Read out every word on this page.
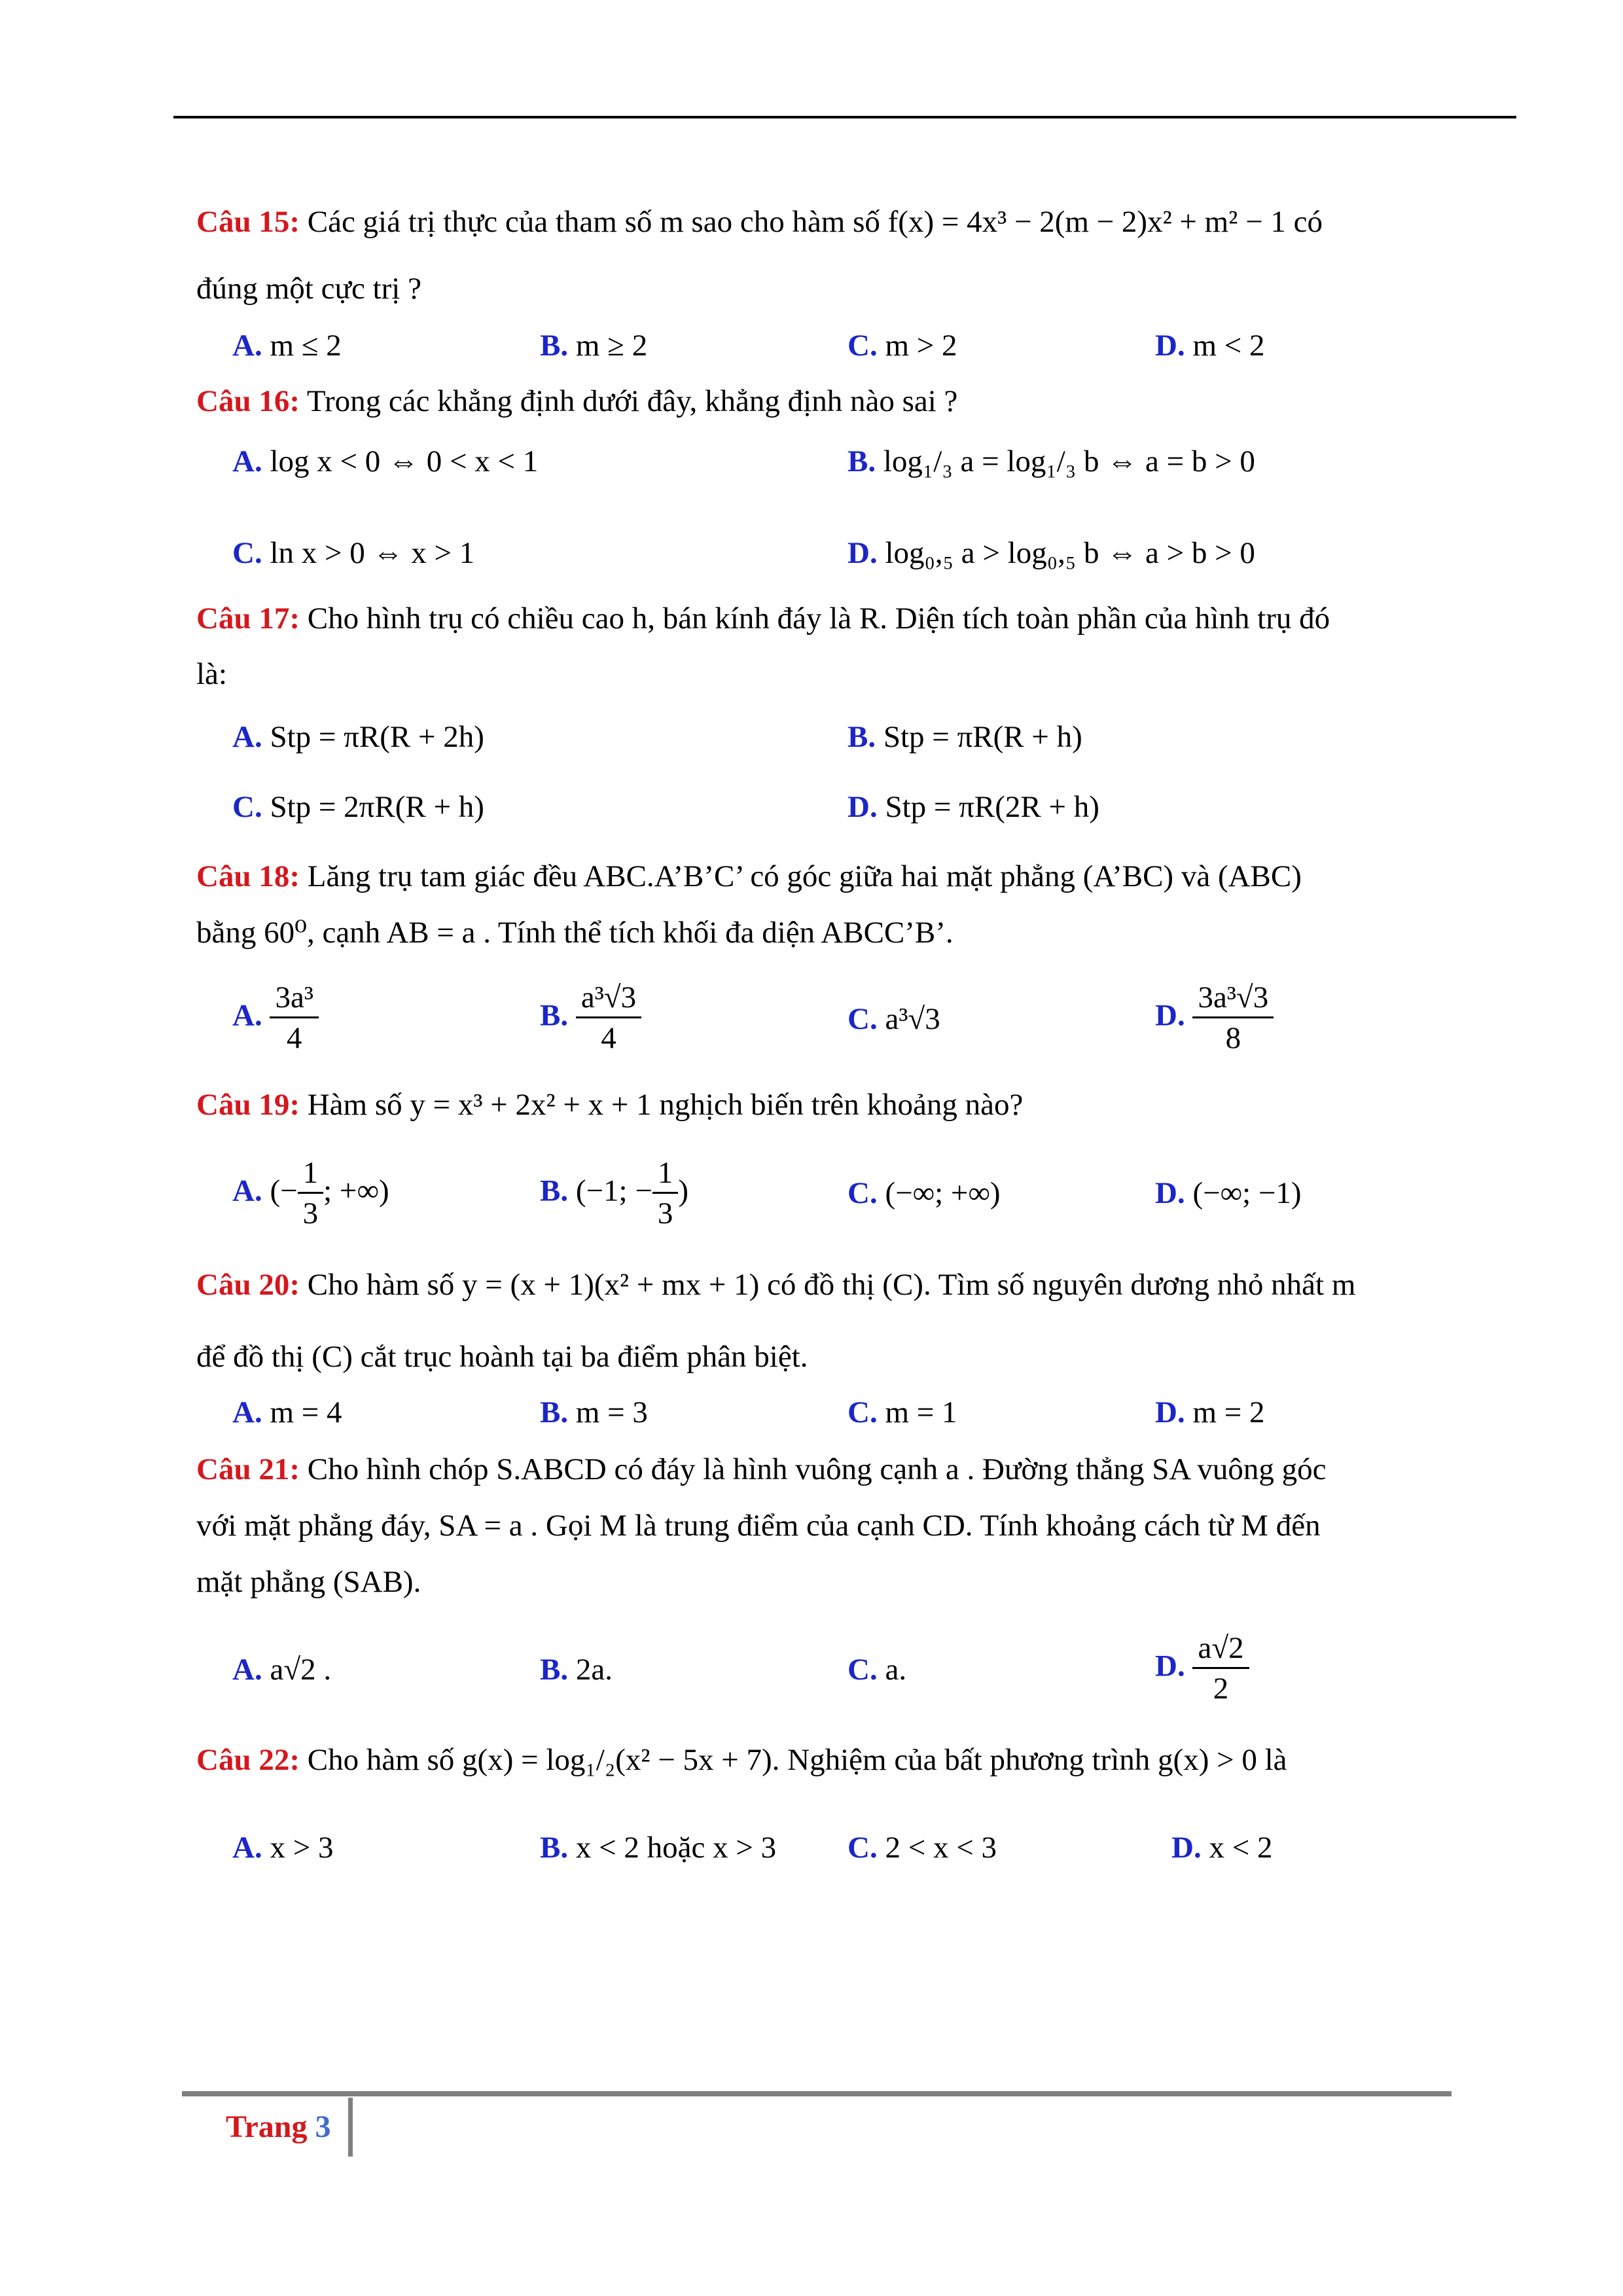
Câu 15: Các giá trị thực của tham số m sao cho hàm số f(x) = 4x³ − 2(m − 2)x² + m² − 1 có
đúng một cực trị ?
A. m ≤ 2	B. m ≥ 2	C. m > 2	D. m < 2
Câu 16: Trong các khẳng định dưới đây, khẳng định nào sai ?
A. log x < 0 ⇔ 0 < x < 1	B. log₁/₃ a = log₁/₃ b ⇔ a = b > 0
C. ln x > 0 ⇔ x > 1	D. log₀,₅ a > log₀,₅ b ⇔ a > b > 0
Câu 17: Cho hình trụ có chiều cao h, bán kính đáy là R. Diện tích toàn phần của hình trụ đó
là:
A. Stp = πR(R + 2h)	B. Stp = πR(R + h)
C. Stp = 2πR(R + h)	D. Stp = πR(2R + h)
Câu 18: Lăng trụ tam giác đều ABC.A’B’C’ có góc giữa hai mặt phẳng (A’BC) và (ABC)
bằng 60⁰, cạnh AB = a . Tính thể tích khối đa diện ABCC’B’.
A. $\frac{\text{3a³}}{4}$	B. $\frac{\text{a³√3}}{4}$	C. a³√3	D. $\frac{\text{3a³√3}}{8}$
Câu 19: Hàm số y = x³ + 2x² + x + 1 nghịch biến trên khoảng nào?
A. (− $\frac{1}{3}$ ; +∞)	B. (−1; − $\frac{1}{3}$ )	C. (−∞; +∞)	D. (−∞; −1)
Câu 20: Cho hàm số y = (x + 1)(x² + mx + 1) có đồ thị (C). Tìm số nguyên dương nhỏ nhất m
để đồ thị (C) cắt trục hoành tại ba điểm phân biệt.
A. m = 4	B. m = 3	C. m = 1	D. m = 2
Câu 21: Cho hình chóp S.ABCD có đáy là hình vuông cạnh a . Đường thẳng SA vuông góc
với mặt phẳng đáy, SA = a . Gọi M là trung điểm của cạnh CD. Tính khoảng cách từ M đến
mặt phẳng (SAB).
A. a√2 .	B. 2a.	C. a.	D. $\frac{a√2}{2}$
Câu 22: Cho hàm số g(x) = log₁/₂(x² − 5x + 7). Nghiệm của bất phương trình g(x) > 0 là
A. x > 3	B. x < 2 hoặc x > 3 C. 2 < x < 3	D. x < 2
Trang 3
